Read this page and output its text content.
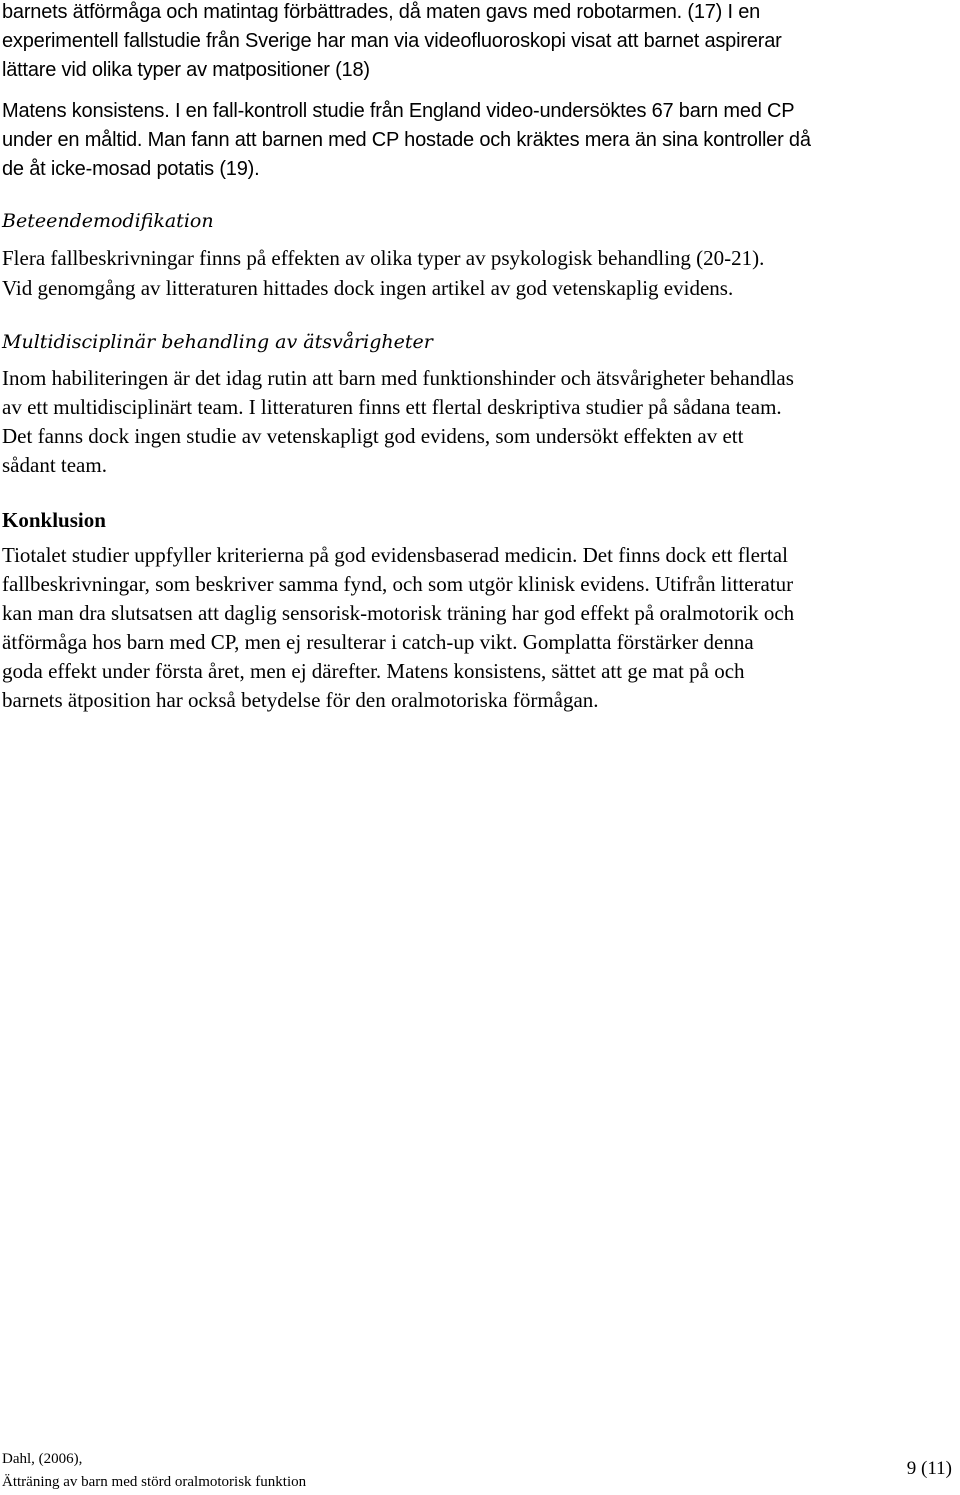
barnets ätförmåga och matintag förbättrades, då maten gavs med robotarmen. (17) I en
experimentell fallstudie från Sverige har man via videofluoroskopi visat att barnet aspirerar
lättare vid olika typer av matpositioner (18)
Matens konsistens. I en fall-kontroll studie från England video-undersöktes 67 barn med CP
under en måltid. Man fann att barnen med CP hostade och kräktes mera än sina kontroller då
de åt icke-mosad potatis (19).
Beteendemodifikation
Flera fallbeskrivningar finns på effekten av olika typer av psykologisk behandling (20-21).
Vid genomgång av litteraturen hittades dock ingen artikel av god vetenskaplig evidens.
Multidisciplinär behandling av ätsvårigheter
Inom habiliteringen är det idag rutin att barn med funktionshinder och ätsvårigheter behandlas
av ett multidisciplinärt team. I litteraturen finns ett flertal deskriptiva studier på sådana team.
Det fanns dock ingen studie av vetenskapligt god evidens, som undersökt effekten av ett
sådant team.
Konklusion
Tiotalet studier uppfyller kriterierna på god evidensbaserad medicin. Det finns dock ett flertal
fallbeskrivningar, som beskriver samma fynd, och som utgör klinisk evidens. Utifrån litteratur
kan man dra slutsatsen att daglig sensorisk-motorisk träning har god effekt på oralmotorik och
ätförmåga hos barn med CP, men ej resulterar i catch-up vikt. Gomplatta förstärker denna
goda effekt under första året, men ej därefter. Matens konsistens, sättet att ge mat på och
barnets ätposition har också betydelse för den oralmotoriska förmågan.
Dahl, (2006),
Ätträning av barn med störd oralmotorisk funktion
9 (11)
